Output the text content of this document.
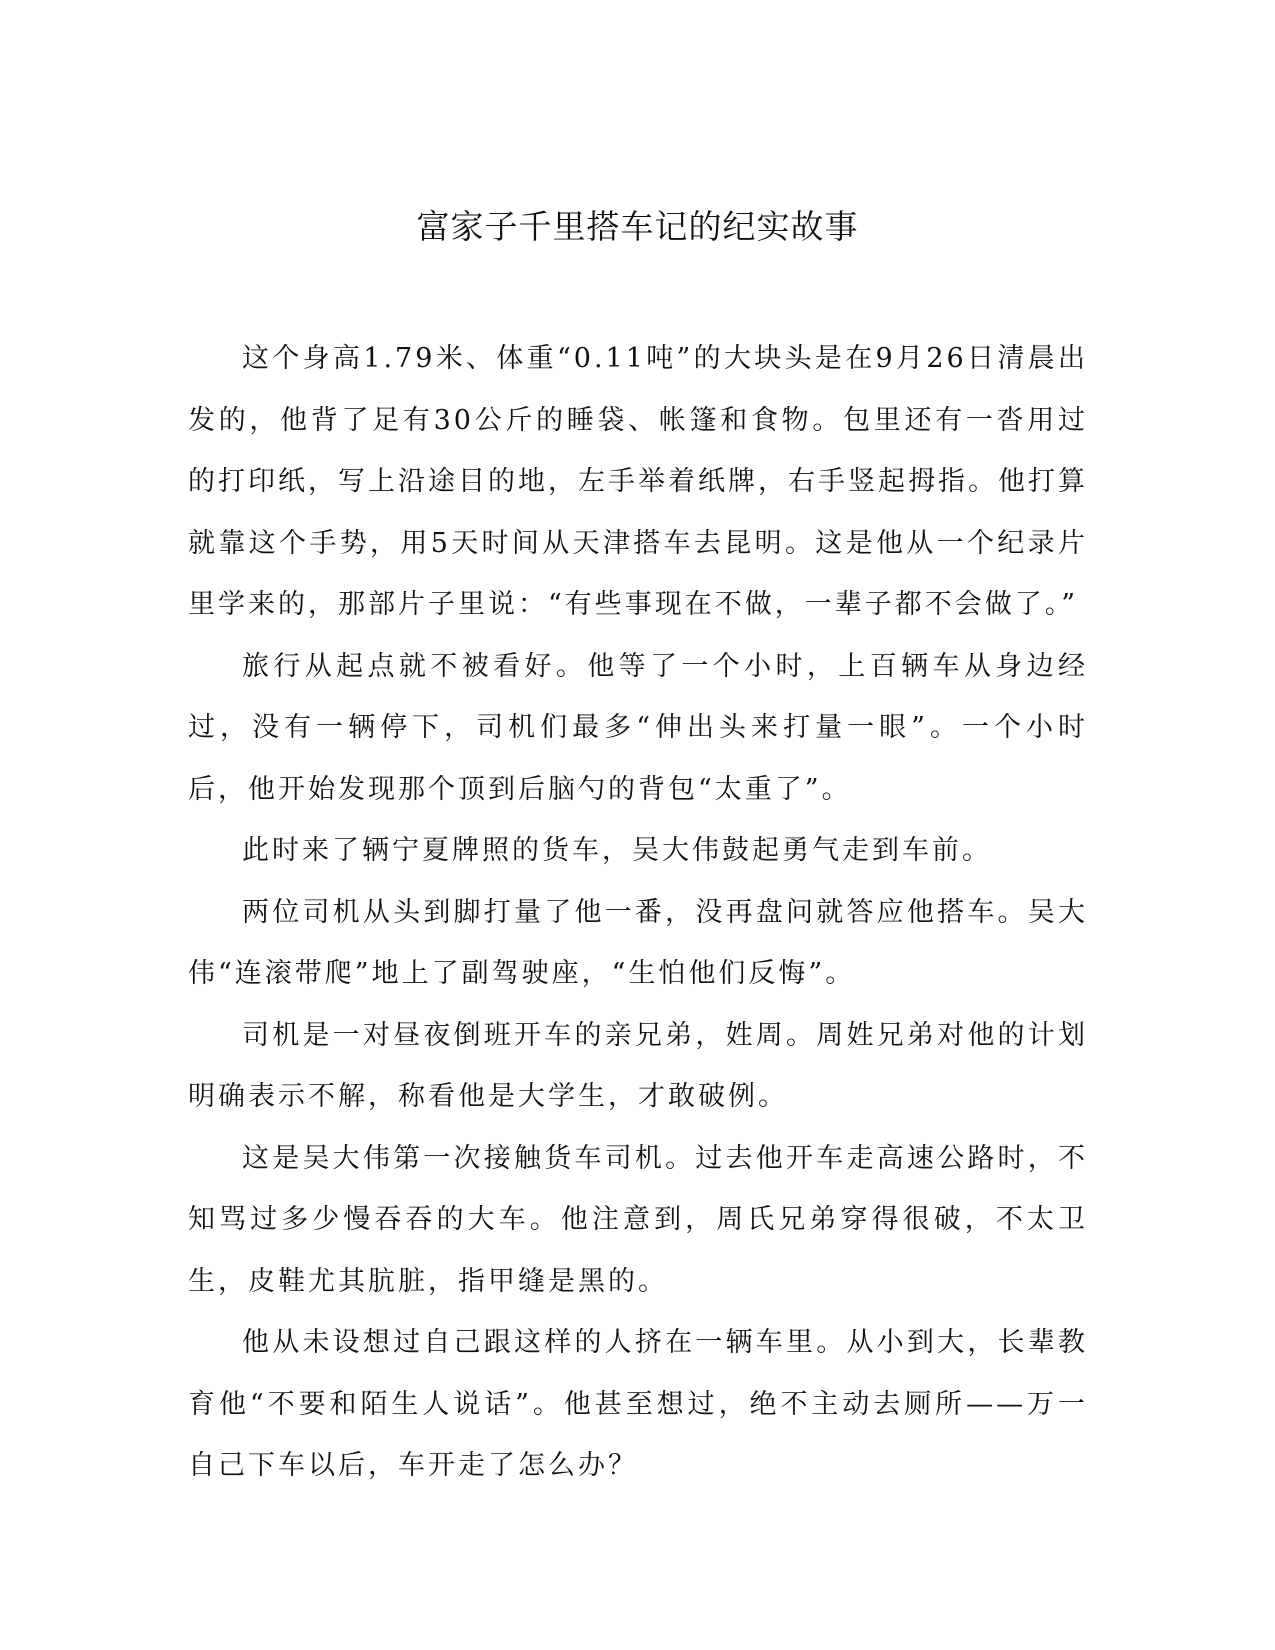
富家子千里搭车记的纪实故事

这个身高1.79米、体重“0.11吨”的大块头是在9月26日清晨出发的，他背了足有30公斤的睡袋、帐篷和食物。包里还有一沓用过的打印纸，写上沿途目的地，左手举着纸牌，右手竖起拇指。他打算就靠这个手势，用5天时间从天津搭车去昆明。这是他从一个纪录片里学来的，那部片子里说：“有些事现在不做，一辈子都不会做了。”

旅行从起点就不被看好。他等了一个小时，上百辆车从身边经过，没有一辆停下，司机们最多“伸出头来打量一眼”。一个小时后，他开始发现那个顶到后脑勺的背包“太重了”。

此时来了辆宁夏牌照的货车，吴大伟鼓起勇气走到车前。

两位司机从头到脚打量了他一番，没再盘问就答应他搭车。吴大伟“连滚带爬”地上了副驾驶座，“生怕他们反悔”。

司机是一对昼夜倒班开车的亲兄弟，姓周。周姓兄弟对他的计划明确表示不解，称看他是大学生，才敢破例。

这是吴大伟第一次接触货车司机。过去他开车走高速公路时，不知骂过多少慢吞吞的大车。他注意到，周氏兄弟穿得很破，不太卫生，皮鞋尤其肮脏，指甲缝是黑的。

他从未设想过自己跟这样的人挤在一辆车里。从小到大，长辈教育他“不要和陌生人说话”。他甚至想过，绝不主动去厕所——万一自己下车以后，车开走了怎么办？
